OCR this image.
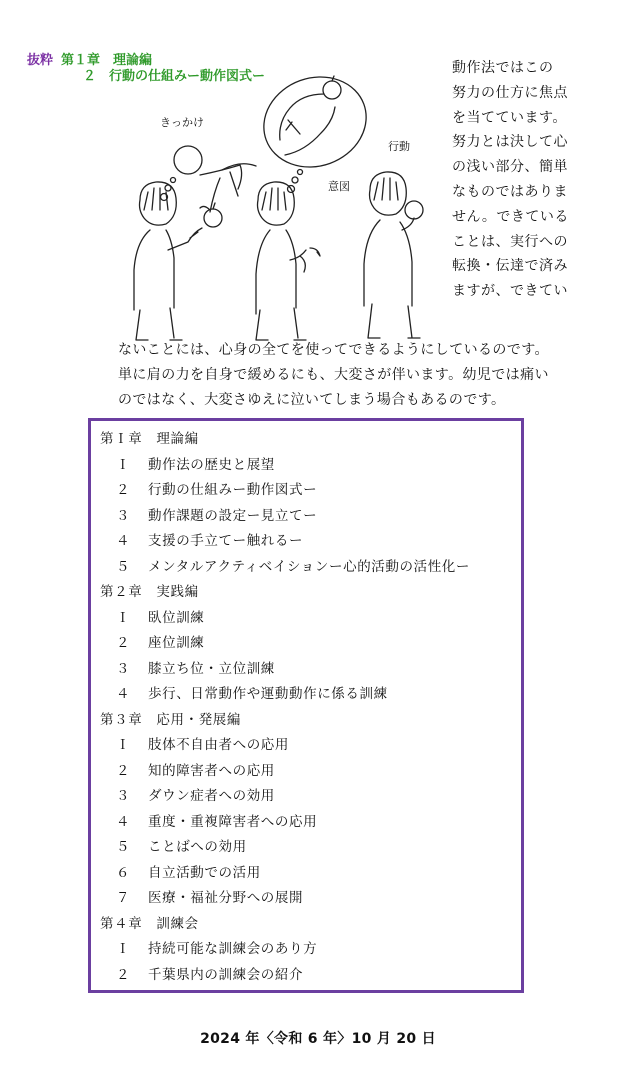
抜粋 第１章　理論編
２　行動の仕組みー動作図式ー
きっかけ
意図
行動
動作法ではこの
努力の仕方に焦点
を当てています。
努力とは決して心
の浅い部分、簡単
なものではありま
せん。できている
ことは、実行への
転換・伝達で済み
ますが、できてい
ないことには、心身の全てを使ってできるようにしているのです。
単に肩の力を自身で緩めるにも、大変さが伴います。幼児では痛い
のではなく、大変さゆえに泣いてしまう場合もあるのです。
第Ｉ章　理論編
Ｉ 動作法の歴史と展望
２ 行動の仕組みー動作図式ー
３ 動作課題の設定ー見立てー
４ 支援の手立てー触れるー
５ メンタルアクティベイションー心的活動の活性化ー
第２章　実践編
Ｉ 臥位訓練
２ 座位訓練
３ 膝立ち位・立位訓練
４ 歩行、日常動作や運動動作に係る訓練
第３章　応用・発展編
Ｉ 肢体不自由者への応用
２ 知的障害者への応用
３ ダウン症者への効用
４ 重度・重複障害者への応用
５ ことばへの効用
６ 自立活動での活用
７ 医療・福祉分野への展開
第４章　訓練会
Ｉ 持続可能な訓練会のあり方
２ 千葉県内の訓練会の紹介
2024 年〈令和 6 年〉10 月 20 日
